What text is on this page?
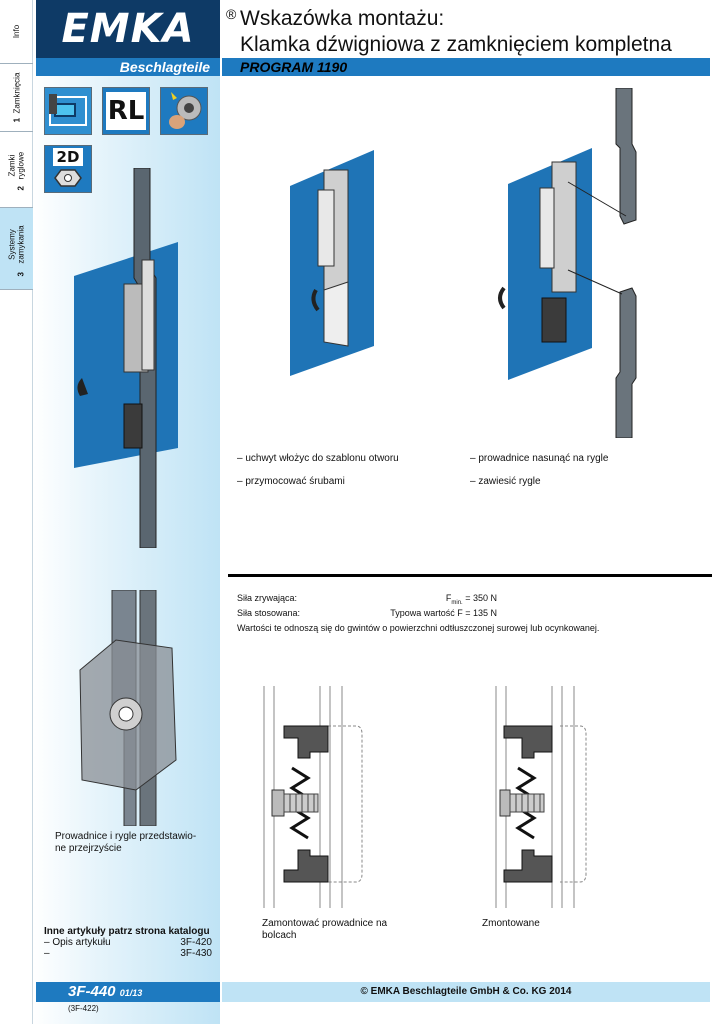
Info
1  Zamknięcia
2  Zamki ryglowe
3  Systemy zamykania
EMKA
Beschlagteile
® Wskazówka montażu:
Klamka dźwigniowa z zamknięciem kompletna
PROGRAM 1190
RL
2D
Prowadnice i rygle przedstawio-ne przejrzyście
– uchwyt włożyc do szablonu otworu
– przymocować śrubami
– prowadnice nasunąć na rygle
– zawiesić rygle
Siła zrywająca:	$F_{min.} = 350$ N
Siła stosowana:	Typowa wartość F = 135 N
Wartości te odnoszą się do gwintów o powierzchni odtłuszczonej surowej lub ocynkowanej.
Zamontować prowadnice na bolcach
Zmontowane
Inne artykuły patrz strona katalogu
– Opis artykułu	3F-420
–	3F-430
3F-440 01/13	© EMKA Beschlagteile GmbH & Co. KG 2014
(3F-422)
